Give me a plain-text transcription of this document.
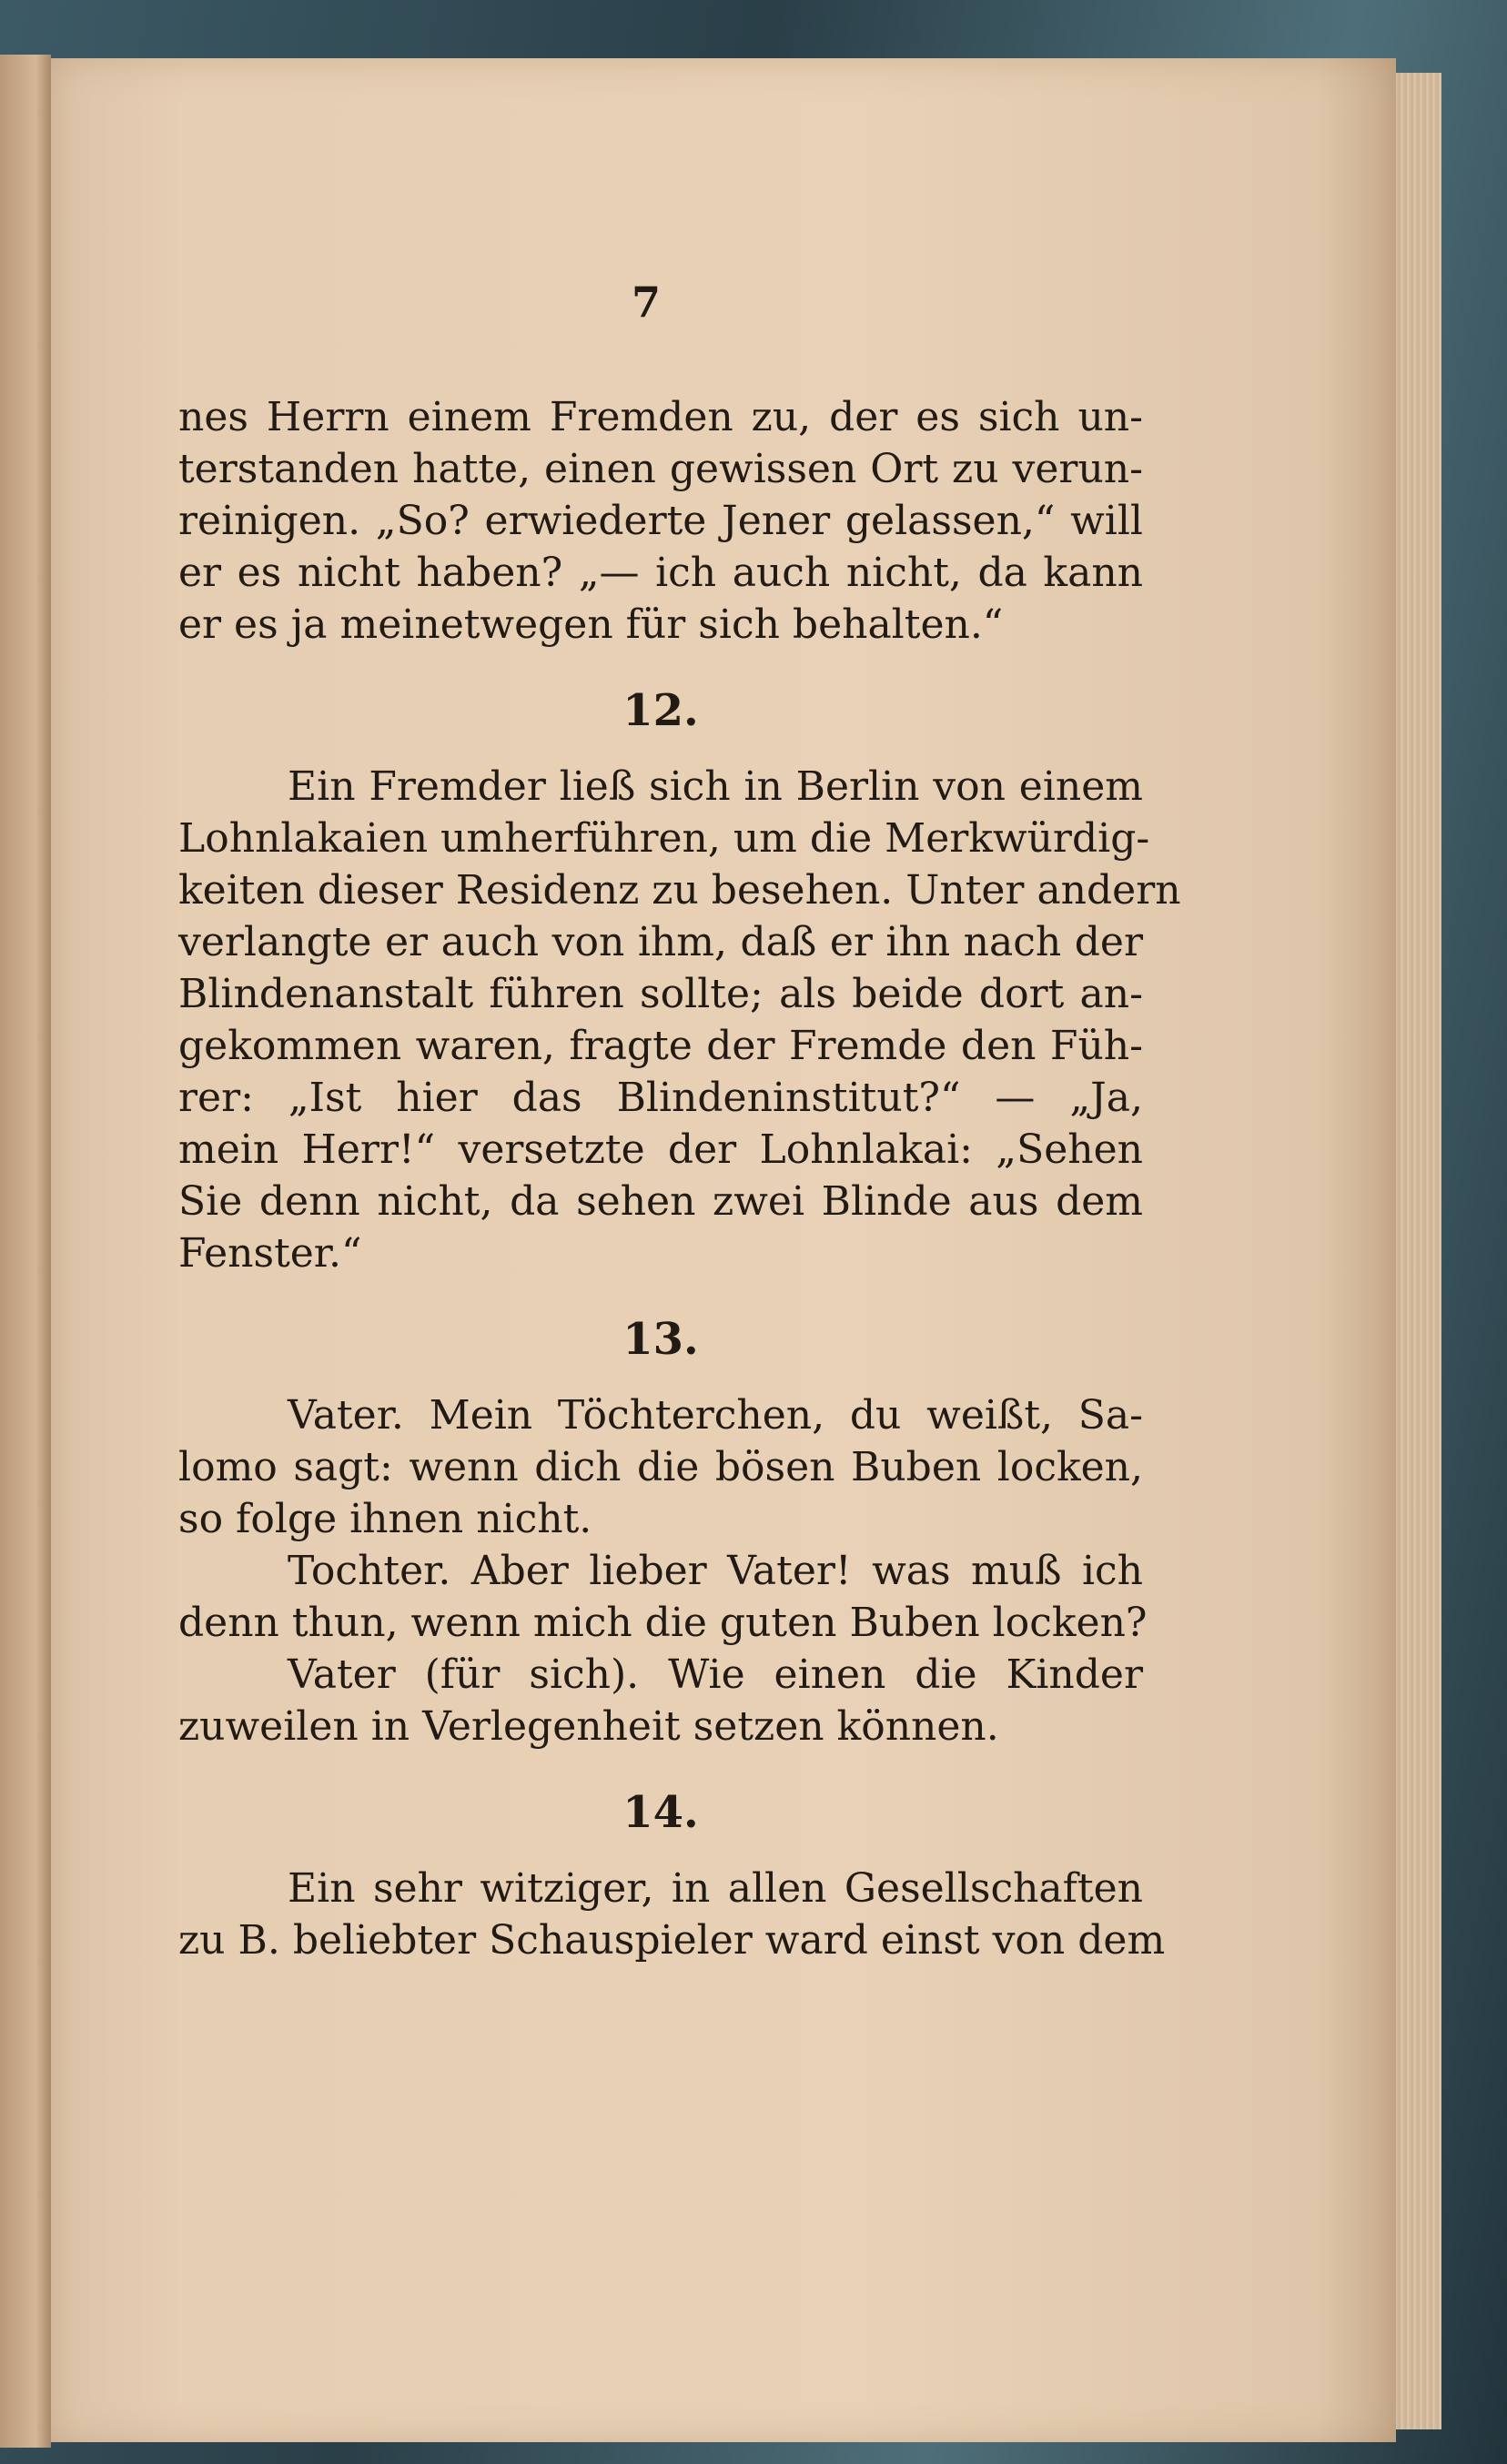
7
nes Herrn einem Fremden zu, der es sich un-
terstanden hatte, einen gewissen Ort zu verun-
reinigen. „So? erwiederte Jener gelassen,“ will
er es nicht haben? „— ich auch nicht, da kann
er es ja meinetwegen für sich behalten.“
12.
Ein Fremder ließ sich in Berlin von einem
Lohnlakaien umherführen, um die Merkwürdig-
keiten dieser Residenz zu besehen. Unter andern
verlangte er auch von ihm, daß er ihn nach der
Blindenanstalt führen sollte; als beide dort an-
gekommen waren, fragte der Fremde den Füh-
rer: „Ist hier das Blindeninstitut?“ — „Ja,
mein Herr!“ versetzte der Lohnlakai: „Sehen
Sie denn nicht, da sehen zwei Blinde aus dem
Fenster.“
13.
Vater. Mein Töchterchen, du weißt, Sa-
lomo sagt: wenn dich die bösen Buben locken,
so folge ihnen nicht.
Tochter. Aber lieber Vater! was muß ich
denn thun, wenn mich die guten Buben locken?
Vater (für sich). Wie einen die Kinder
zuweilen in Verlegenheit setzen können.
14.
Ein sehr witziger, in allen Gesellschaften
zu B. beliebter Schauspieler ward einst von dem
